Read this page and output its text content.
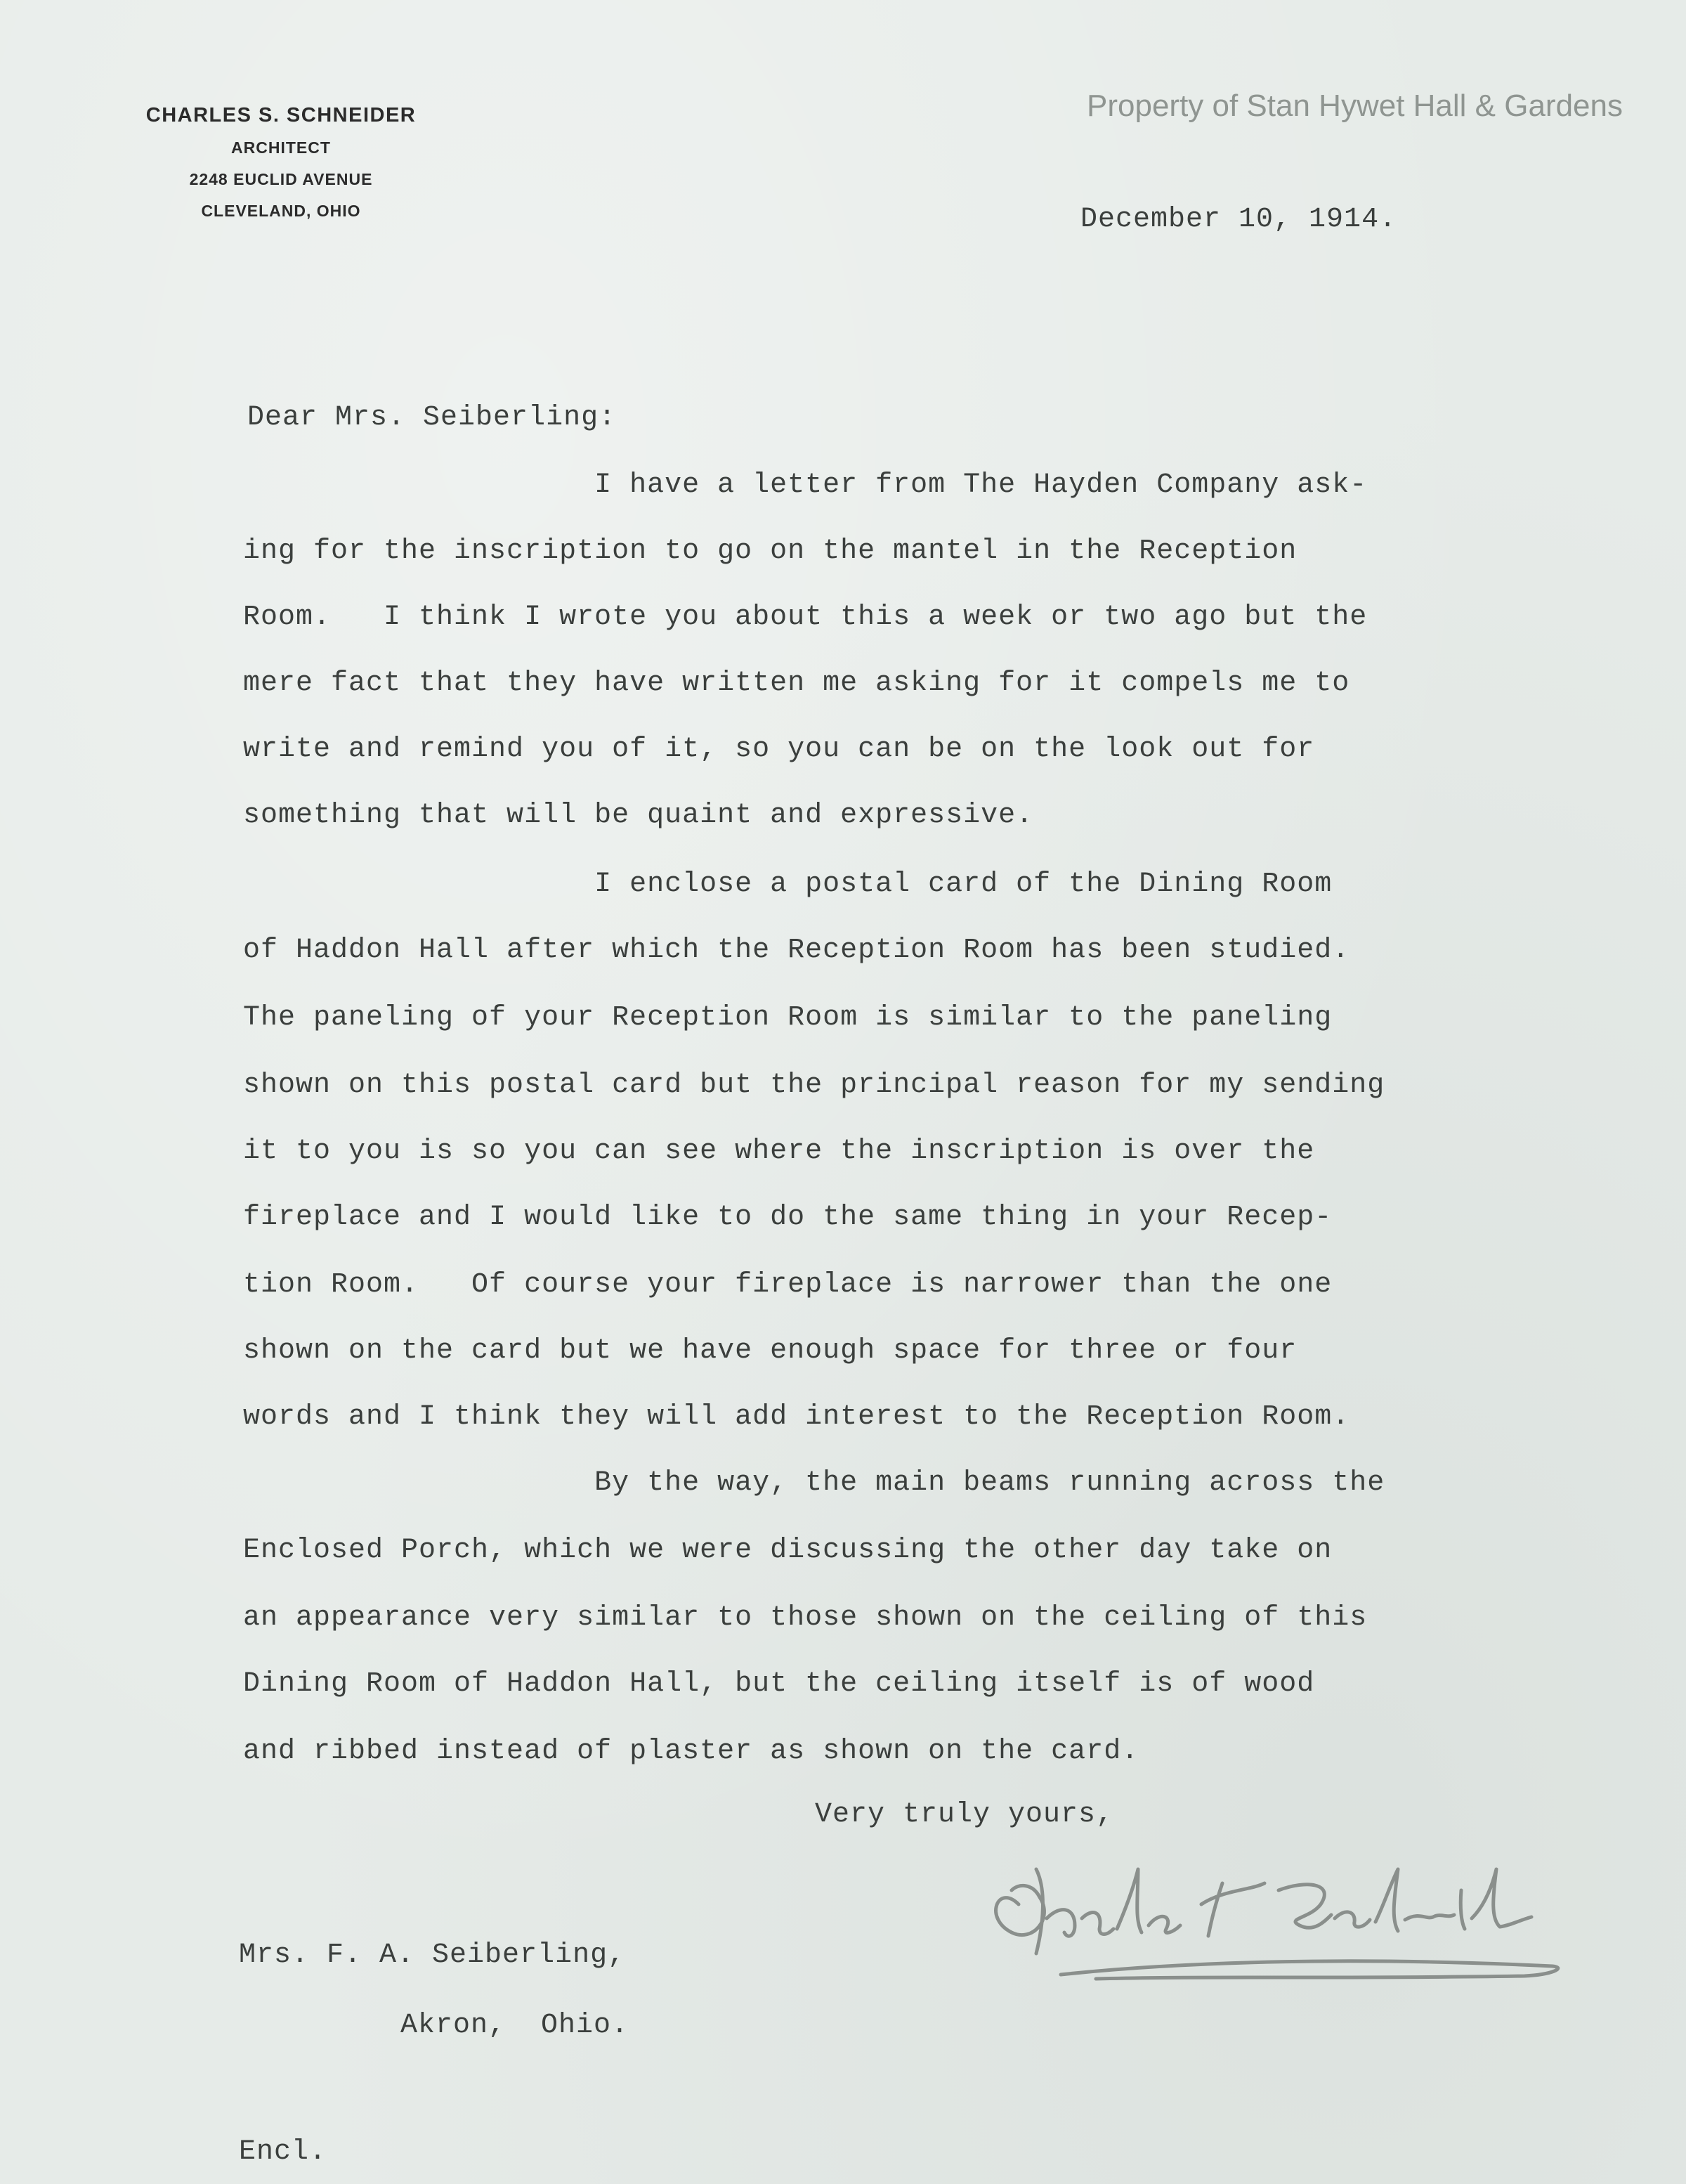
Property of Stan Hywet Hall & Gardens
CHARLES S. SCHNEIDER
ARCHITECT
2248 EUCLID AVENUE
CLEVELAND, OHIO	December 10, 1914.
Dear Mrs. Seiberling:
I have a letter from The Hayden Company ask-
ing for the inscription to go on the mantel in the Reception
Room.   I think I wrote you about this a week or two ago but the
mere fact that they have written me asking for it compels me to
write and remind you of it, so you can be on the look out for
something that will be quaint and expressive.
I enclose a postal card of the Dining Room
of Haddon Hall after which the Reception Room has been studied.
The paneling of your Reception Room is similar to the paneling
shown on this postal card but the principal reason for my sending
it to you is so you can see where the inscription is over the
fireplace and I would like to do the same thing in your Recep-
tion Room.   Of course your fireplace is narrower than the one
shown on the card but we have enough space for three or four
words and I think they will add interest to the Reception Room.
By the way, the main beams running across the
Enclosed Porch, which we were discussing the other day take on
an appearance very similar to those shown on the ceiling of this
Dining Room of Haddon Hall, but the ceiling itself is of wood
and ribbed instead of plaster as shown on the card.
Very truly yours,
Mrs. F. A. Seiberling,
Akron,  Ohio.
Encl.
